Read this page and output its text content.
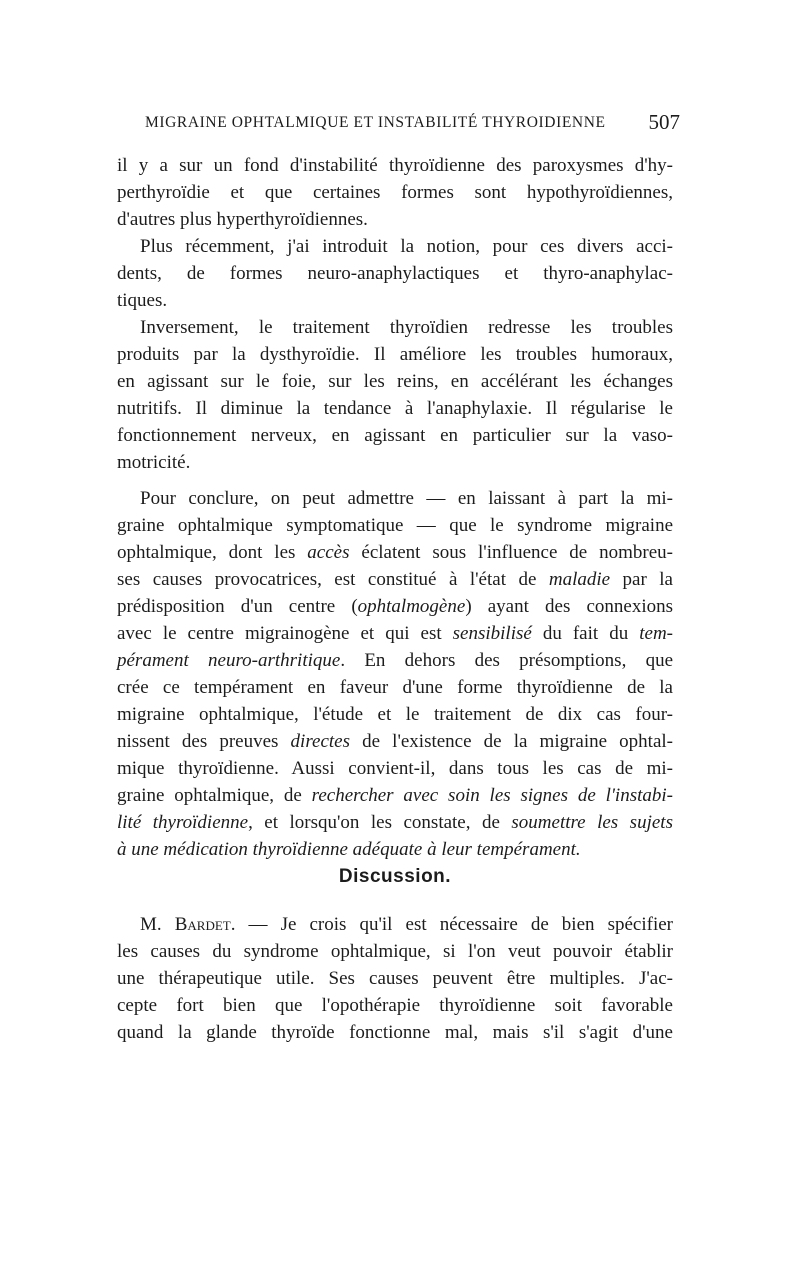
MIGRAINE OPHTALMIQUE ET INSTABILITÉ THYROIDIENNE 507
il y a sur un fond d'instabilité thyroïdienne des paroxysmes d'hy-
perthyroïdie et que certaines formes sont hypothyroïdiennes,
d'autres plus hyperthyroïdiennes.
Plus récemment, j'ai introduit la notion, pour ces divers acci-
dents, de formes neuro-anaphylactiques et thyro-anaphylac-
tiques.
Inversement, le traitement thyroïdien redresse les troubles
produits par la dysthyroïdie. Il améliore les troubles humoraux,
en agissant sur le foie, sur les reins, en accélérant les échanges
nutritifs. Il diminue la tendance à l'anaphylaxie. Il régularise le
fonctionnement nerveux, en agissant en particulier sur la vaso-
motricité.
Pour conclure, on peut admettre — en laissant à part la mi-
graine ophtalmique symptomatique — que le syndrome migraine
ophtalmique, dont les accès éclatent sous l'influence de nombreu-
ses causes provocatrices, est constitué à l'état de maladie par la
prédisposition d'un centre (ophtalmogène) ayant des connexions
avec le centre migrainogène et qui est sensibilisé du fait du tem-
pérament neuro-arthritique. En dehors des présomptions, que
crée ce tempérament en faveur d'une forme thyroïdienne de la
migraine ophtalmique, l'étude et le traitement de dix cas four-
nissent des preuves directes de l'existence de la migraine ophtal-
mique thyroïdienne. Aussi convient-il, dans tous les cas de mi-
graine ophtalmique, de rechercher avec soin les signes de l'instabi-
lité thyroïdienne, et lorsqu'on les constate, de soumettre les sujets
à une médication thyroïdienne adéquate à leur tempérament.
Discussion.
M. Bardet. — Je crois qu'il est nécessaire de bien spécifier
les causes du syndrome ophtalmique, si l'on veut pouvoir établir
une thérapeutique utile. Ses causes peuvent être multiples. J'ac-
cepte fort bien que l'opothérapie thyroïdienne soit favorable
quand la glande thyroïde fonctionne mal, mais s'il s'agit d'une
